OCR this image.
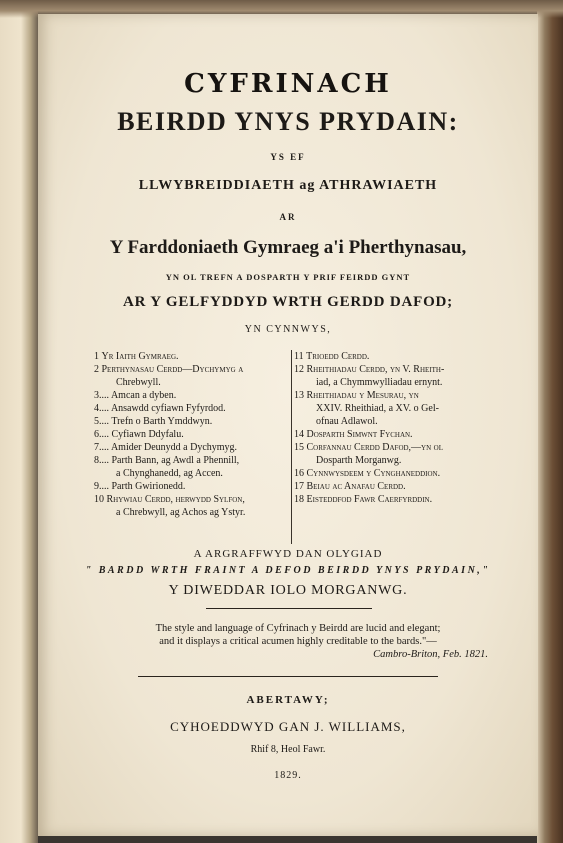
CYFRINACH
BEIRDD YNYS PRYDAIN:
YS EF
LLWYBREIDDIAETH ag ATHRAWIAETH
AR
Y Farddoniaeth Gymraeg a'i Pherthynasau,
YN OL TREFN A DOSPARTH Y PRIF FEIRDD GYNT
AR Y GELFYDDYD WRTH GERDD DAFOD;
YN CYNNWYS,
1 Yr Iaith Gymraeg.
2 Perthynasau Cerdd—Dychymyg a
Chrebwyll.
3.... Amcan a dyben.
4.... Ansawdd cyfiawn Fyfyrdod.
5.... Trefn o Barth Ymddwyn.
6.... Cyfiawn Ddyfalu.
7.... Amider Deunydd a Dychymyg.
8.... Parth Bann, ag Awdl a Phennill,
a Chynghanedd, ag Accen.
9.... Parth Gwirionedd.
10 Rhywiau Cerdd, herwydd Sylfon,
a Chrebwyll, ag Achos ag Ystyr.
11 Trioedd Cerdd.
12 Rheithiadau Cerdd, yn V. Rheith-
iad, a Chymmwylliadau ernynt.
13 Rheithiadau y Mesurau, yn
XXIV. Rheithiad, a XV. o Gel-
ofnau Adlawol.
14 Dosparth Simwnt Fychan.
15 Corfannau Cerdd Dafod,—yn ol
Dosparth Morganwg.
16 Cynnwysdeem y Cynghaneddion.
17 Beiau ac Anafau Cerdd.
18 Eisteddfod Fawr Caerfyrddin.
A ARGRAFFWYD DAN OLYGIAD
" BARDD WRTH FRAINT A DEFOD BEIRDD YNYS PRYDAIN,"
Y DIWEDDAR IOLO MORGANWG.
The style and language of Cyfrinach y Beirdd are lucid and elegant;
and it displays a critical acumen highly creditable to the bards."—
Cambro-Briton, Feb. 1821.
ABERTAWY;
CYHOEDDWYD GAN J. WILLIAMS,
Rhif 8, Heol Fawr.
1829.
